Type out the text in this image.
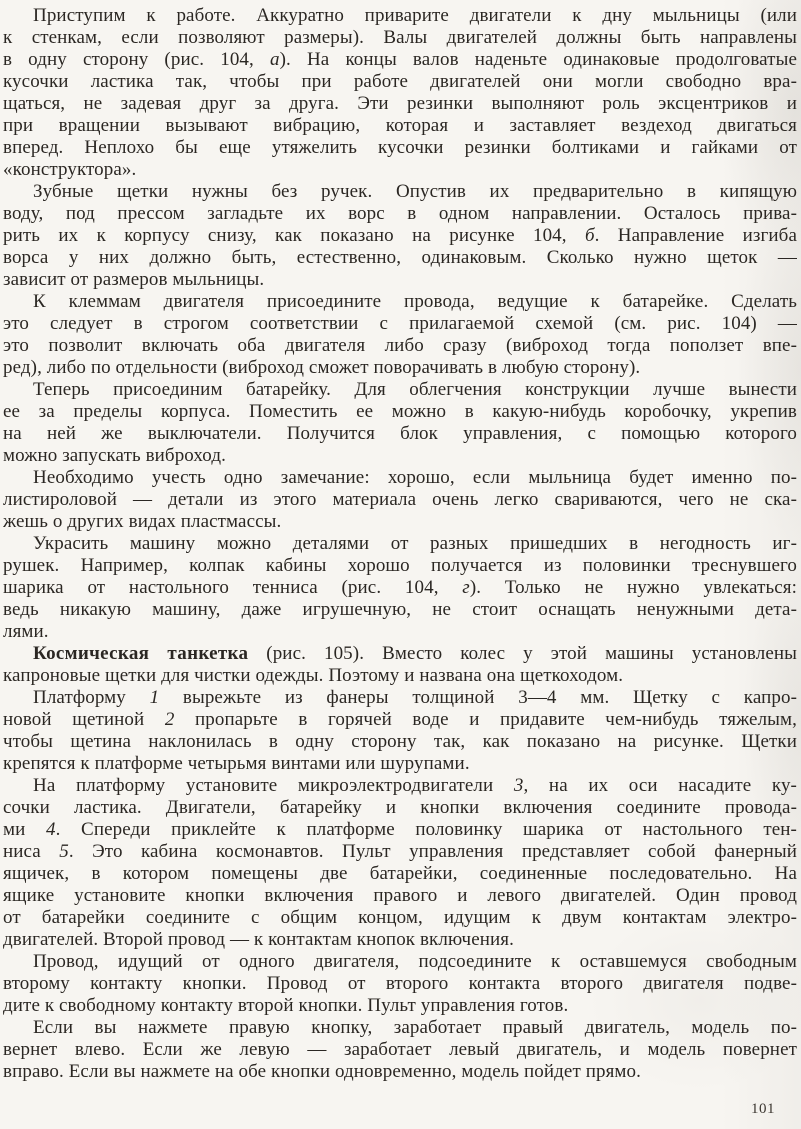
Приступим к работе. Аккуратно приварите двигатели к дну мыльницы (или
к стенкам, если позволяют размеры). Валы двигателей должны быть направлены
в одну сторону (рис. 104, а). На концы валов наденьте одинаковые продолговатые
кусочки ластика так, чтобы при работе двигателей они могли свободно вра-
щаться, не задевая друг за друга. Эти резинки выполняют роль эксцентриков и
при вращении вызывают вибрацию, которая и заставляет вездеход двигаться
вперед. Неплохо бы еще утяжелить кусочки резинки болтиками и гайками от
«конструктора».
Зубные щетки нужны без ручек. Опустив их предварительно в кипящую
воду, под прессом загладьте их ворс в одном направлении. Осталось прива-
рить их к корпусу снизу, как показано на рисунке 104, б. Направление изгиба
ворса у них должно быть, естественно, одинаковым. Сколько нужно щеток —
зависит от размеров мыльницы.
К клеммам двигателя присоедините провода, ведущие к батарейке. Сделать
это следует в строгом соответствии с прилагаемой схемой (см. рис. 104) —
это позволит включать оба двигателя либо сразу (виброход тогда поползет впе-
ред), либо по отдельности (виброход сможет поворачивать в любую сторону).
Теперь присоединим батарейку. Для облегчения конструкции лучше вынести
ее за пределы корпуса. Поместить ее можно в какую-нибудь коробочку, укрепив
на ней же выключатели. Получится блок управления, с помощью которого
можно запускать виброход.
Необходимо учесть одно замечание: хорошо, если мыльница будет именно по-
листироловой — детали из этого материала очень легко свариваются, чего не ска-
жешь о других видах пластмассы.
Украсить машину можно деталями от разных пришедших в негодность иг-
рушек. Например, колпак кабины хорошо получается из половинки треснувшего
шарика от настольного тенниса (рис. 104, г). Только не нужно увлекаться:
ведь никакую машину, даже игрушечную, не стоит оснащать ненужными дета-
лями.
Космическая танкетка (рис. 105). Вместо колес у этой машины установлены
капроновые щетки для чистки одежды. Поэтому и названа она щеткоходом.
Платформу 1 вырежьте из фанеры толщиной 3—4 мм. Щетку с капро-
новой щетиной 2 пропарьте в горячей воде и придавите чем-нибудь тяжелым,
чтобы щетина наклонилась в одну сторону так, как показано на рисунке. Щетки
крепятся к платформе четырьмя винтами или шурупами.
На платформу установите микроэлектродвигатели 3, на их оси насадите ку-
сочки ластика. Двигатели, батарейку и кнопки включения соедините провода-
ми 4. Спереди приклейте к платформе половинку шарика от настольного тен-
ниса 5. Это кабина космонавтов. Пульт управления представляет собой фанерный
ящичек, в котором помещены две батарейки, соединенные последовательно. На
ящике установите кнопки включения правого и левого двигателей. Один провод
от батарейки соедините с общим концом, идущим к двум контактам электро-
двигателей. Второй провод — к контактам кнопок включения.
Провод, идущий от одного двигателя, подсоедините к оставшемуся свободным
второму контакту кнопки. Провод от второго контакта второго двигателя подве-
дите к свободному контакту второй кнопки. Пульт управления готов.
Если вы нажмете правую кнопку, заработает правый двигатель, модель по-
вернет влево. Если же левую — заработает левый двигатель, и модель повернет
вправо. Если вы нажмете на обе кнопки одновременно, модель пойдет прямо.
101
